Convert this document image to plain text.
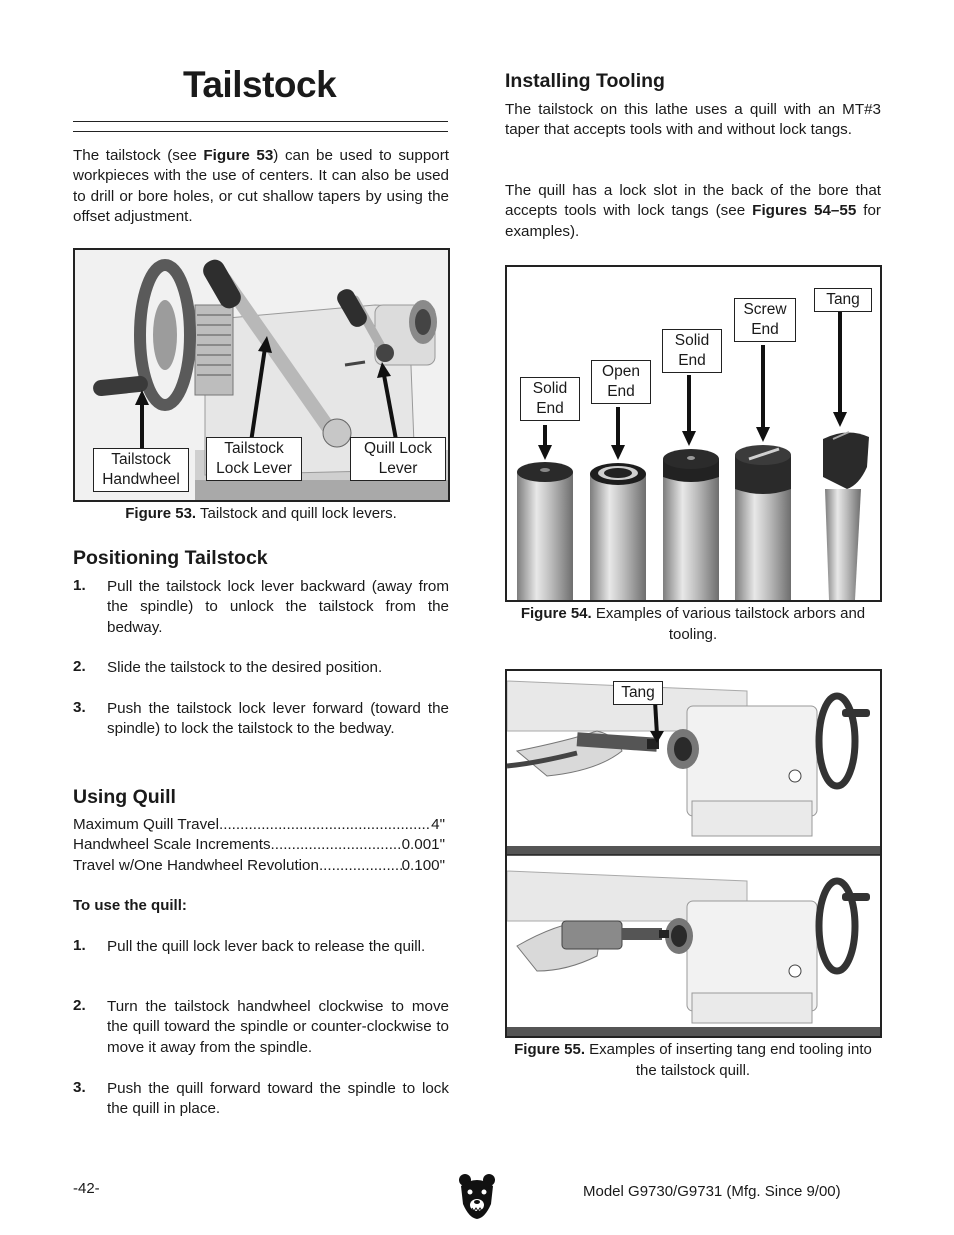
Tailstock
The tailstock (see Figure 53) can be used to support workpieces with the use of centers. It can also be used to drill or bore holes, or cut shallow tapers by using the offset adjustment.
Tailstock Handwheel
Tailstock Lock Lever
Quill Lock Lever
Figure 53. Tailstock and quill lock levers.
Positioning Tailstock
1. Pull the tailstock lock lever backward (away from the spindle) to unlock the tailstock from the bedway.
2. Slide the tailstock to the desired position.
3. Push the tailstock lock lever forward (toward the spindle) to lock the tailstock to the bedway.
Using Quill
Maximum Quill Travel .....	4"
Handwheel Scale Increments .....	0.001"
Travel w/One Handwheel Revolution .....	0.100"
To use the quill:
1. Pull the quill lock lever back to release the quill.
2. Turn the tailstock handwheel clockwise to move the quill toward the spindle or counter-clockwise to move it away from the spindle.
3. Push the quill forward toward the spindle to lock the quill in place.
Installing Tooling
The tailstock on this lathe uses a quill with an MT#3 taper that accepts tools with and without lock tangs.
The quill has a lock slot in the back of the bore that accepts tools with lock tangs (see Figures 54–55 for examples).
Solid End
Open End
Solid End
Screw End
Tang
Figure 54. Examples of various tailstock arbors and tooling.
Tang
Figure 55. Examples of inserting tang end tooling into the tailstock quill.
-42-	Model G9730/G9731 (Mfg. Since 9/00)
